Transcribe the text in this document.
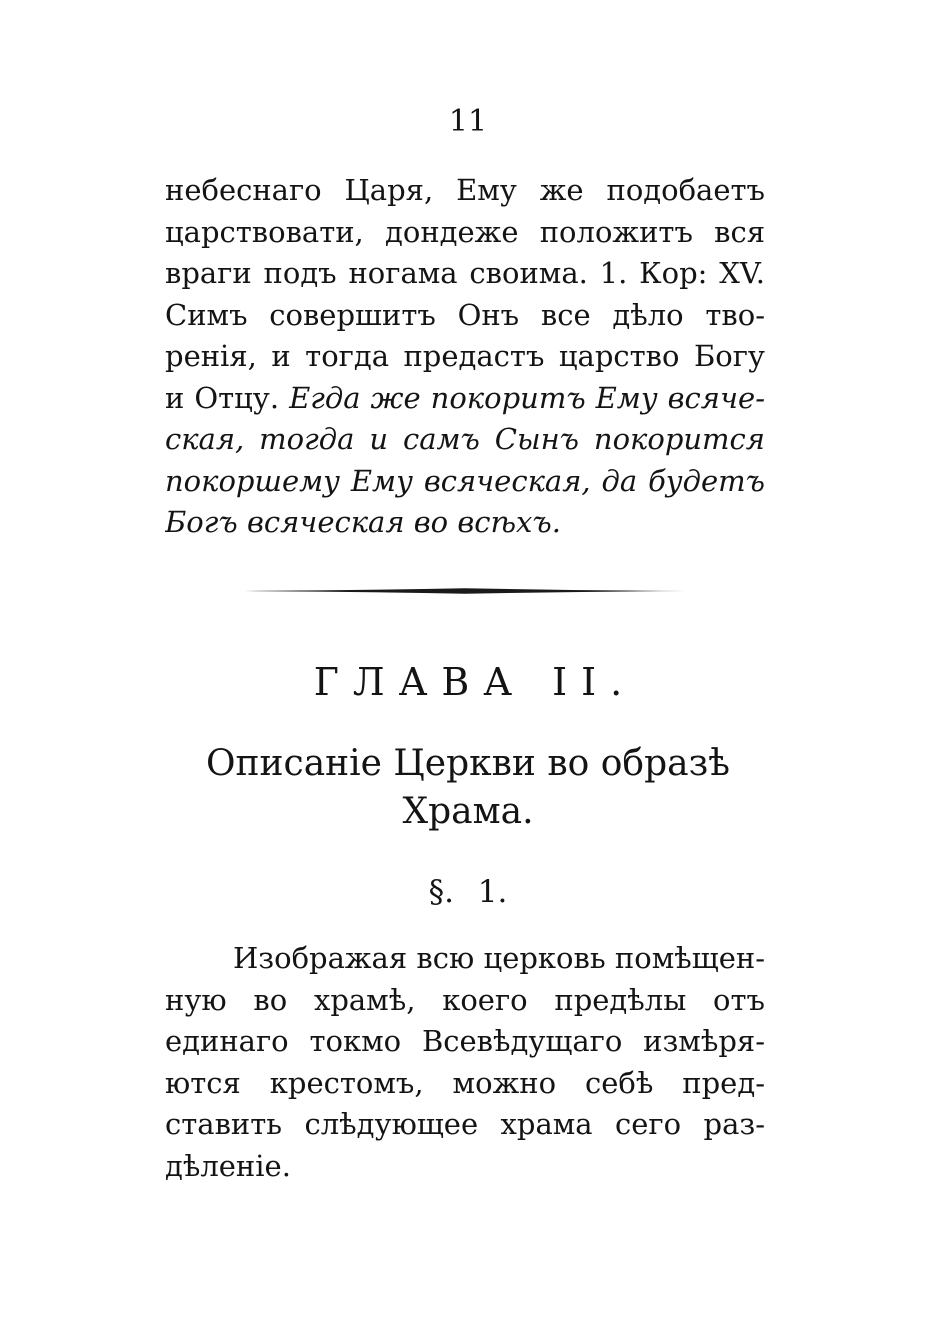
11
небеснаго Царя, Ему же подобаетъ
царствовати, дондеже положитъ вся
враги подъ ногама своима. 1. Кор: XV.
Симъ совершитъ Онъ все дѣло тво-
ренія, и тогда предастъ царство Богу
и Отцу. Егда же покоритъ Ему всяче-
ская, тогда и самъ Сынъ покорится
покоршему Ему всяческая, да будетъ
Богъ всяческая во всѣхъ.
ГЛАВА II.
Описаніе Церкви во образѣ
Храма.
§. 1.
Изображая всю церковь помѣщен-
ную во храмѣ, коего предѣлы отъ
единаго токмо Всевѣдущаго измѣря-
ются крестомъ, можно себѣ пред-
ставить слѣдующее храма сего раз-
дѣленіе.
